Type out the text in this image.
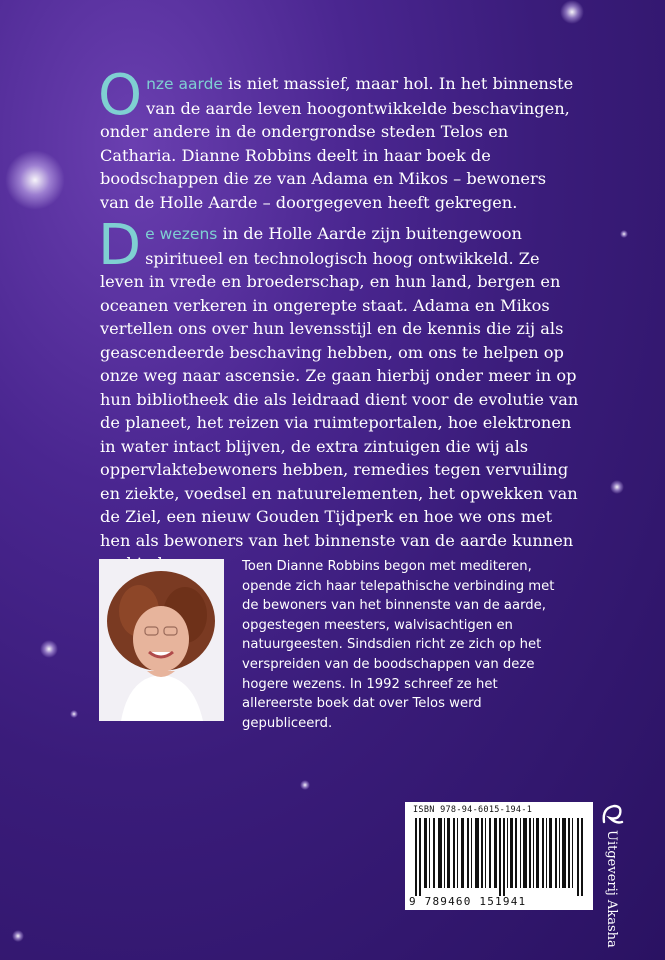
Onze aarde is niet massief, maar hol. In het binnenste van de aarde leven hoogontwikkelde beschavingen, onder andere in de ondergrondse steden Telos en Catharia. Dianne Robbins deelt in haar boek de boodschappen die ze van Adama en Mikos – bewoners van de Holle Aarde – doorgegeven heeft gekregen.
De wezens in de Holle Aarde zijn buitengewoon spiritueel en technologisch hoog ontwikkeld. Ze leven in vrede en broederschap, en hun land, bergen en oceanen verkeren in ongerepte staat. Adama en Mikos vertellen ons over hun levensstijl en de kennis die zij als geascendeerde beschaving hebben, om ons te helpen op onze weg naar ascensie. Ze gaan hierbij onder meer in op hun bibliotheek die als leidraad dient voor de evolutie van de planeet, het reizen via ruimteportalen, hoe elektronen in water intact blijven, de extra zintuigen die wij als oppervlaktebewoners hebben, remedies tegen vervuiling en ziekte, voedsel en natuurelementen, het opwekken van de Ziel, een nieuw Gouden Tijdperk en hoe we ons met hen als bewoners van het binnenste van de aarde kunnen
Toen Dianne Robbins begon met mediteren, opende zich haar telepathische verbinding met de bewoners van het binnenste van de aarde, opgestegen meesters, walvisachtigen en natuurgeesten. Sindsdien richt ze zich op het verspreiden van de boodschappen van deze hogere wezens. In 1992 schreef ze het allereerste boek dat over Telos werd gepubliceerd.
ISBN 978-94-6015-194-1
9 789460 151941	Uitgeverij Akasha
